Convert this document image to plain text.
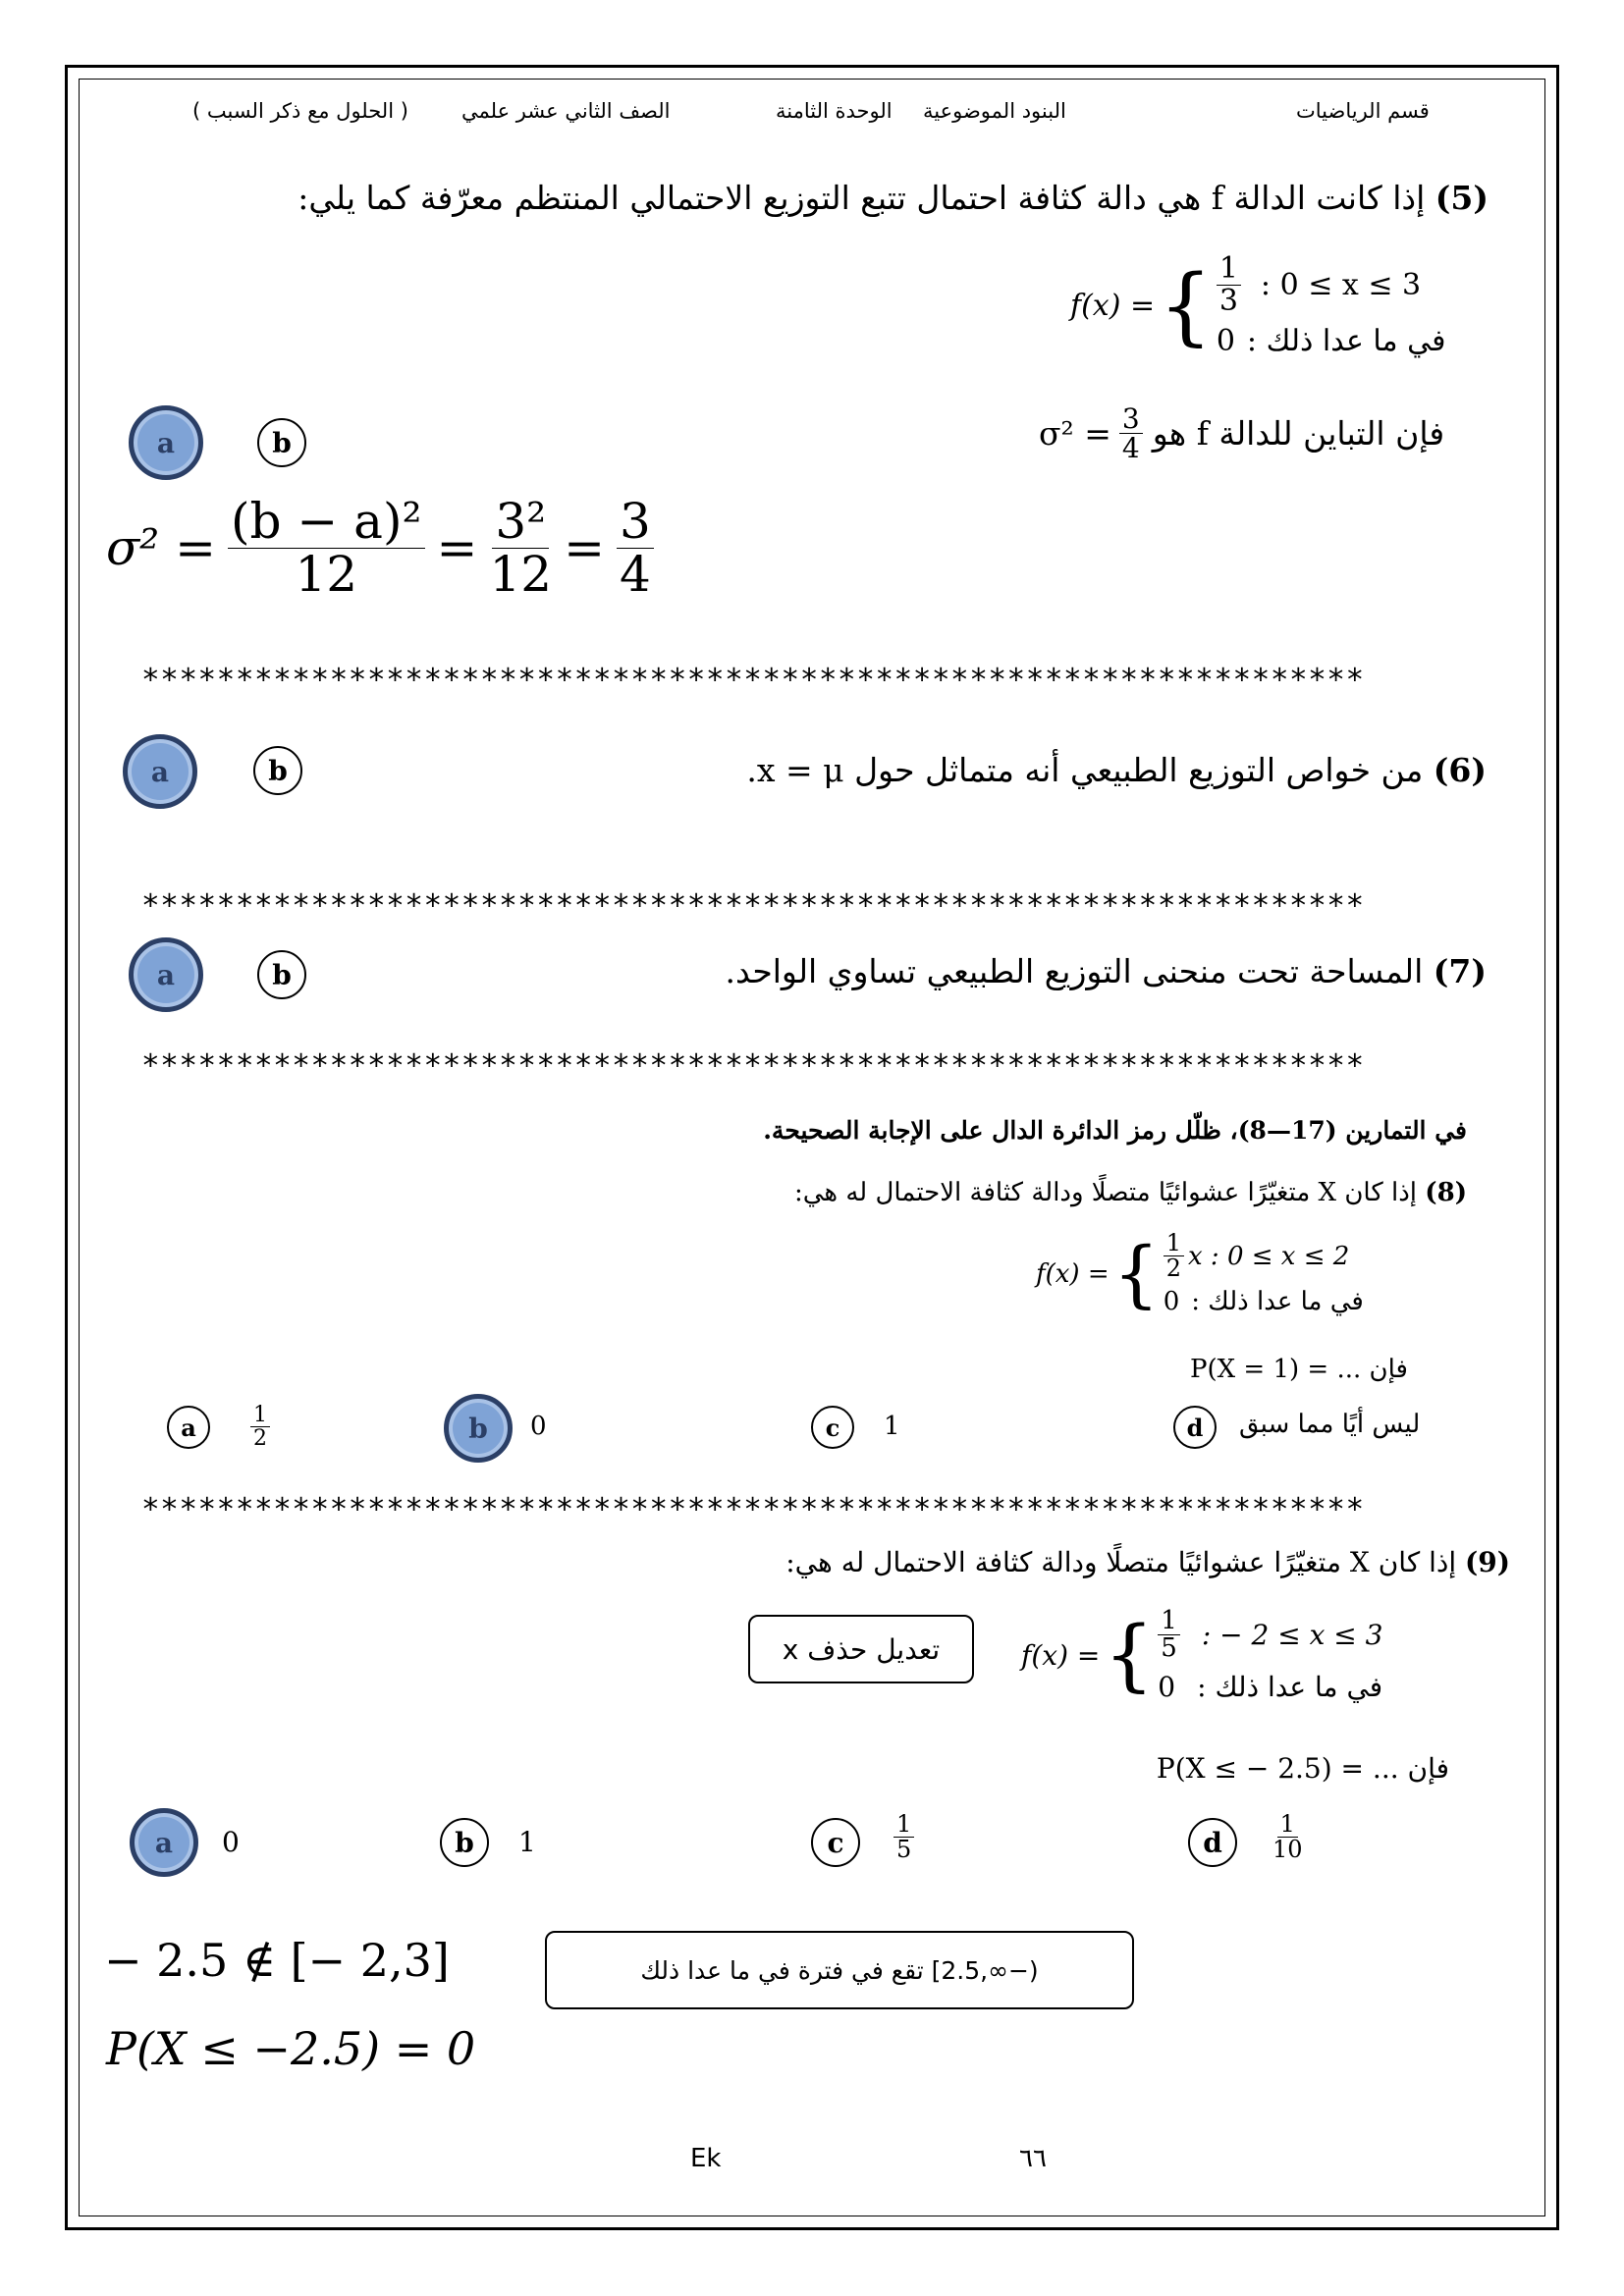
قسم الرياضيات
البنود الموضوعية
الوحدة الثامنة
الصف الثاني عشر علمي
( الحلول مع ذكر السبب )
(5) إذا كانت الدالة f هي دالة كثافة احتمال تتبع التوزيع الاحتمالي المنتظم معرّفة كما يلي:
f(x) = { $\frac{1}{3}$ : 0 ≤ x ≤ 3
0 في ما عدا ذلك :
$\sigma^2 = \frac{3}{4}$ فإن التباين للدالة f هو
a	b
$\sigma^2 = \frac{\text{(b − a)²}}{12} = \frac{\text{3²}}{12} = \frac{3}{4}$
*****************************************************************
a	b	(6) من خواص التوزيع الطبيعي أنه متماثل حول x = μ.
*****************************************************************
a	b	(7) المساحة تحت منحنى التوزيع الطبيعي تساوي الواحد.
*****************************************************************
في التمارين (17—8)، ظلّل رمز الدائرة الدال على الإجابة الصحيحة.
(8) إذا كان X متغيّرًا عشوائيًا متصلًا ودالة كثافة الاحتمال له هي:
f(x) = { $\frac{1}{2}$ x : 0 ≤ x ≤ 2
0 في ما عدا ذلك :
فإن ... = P(X = 1)
a	$\frac{1}{2}$	b	0	c	1	d	ليس أيًا مما سبق
*****************************************************************
(9) إذا كان X متغيّرًا عشوائيًا متصلًا ودالة كثافة الاحتمال له هي:
تعديل حذف x	f(x) = { $\frac{1}{5}$ : − 2 ≤ x ≤ 3
0 في ما عدا ذلك :
فإن ... = P(X ≤ − 2.5)
a	0	b	1	c	$\frac{1}{5}$	d	$\frac{1}{10}$
− 2.5 ∉ [− 2,3]
P(X ≤ −2.5) = 0
(−∞,2.5] تقع في فترة في ما عدا ذلك
Ek	٦٦
